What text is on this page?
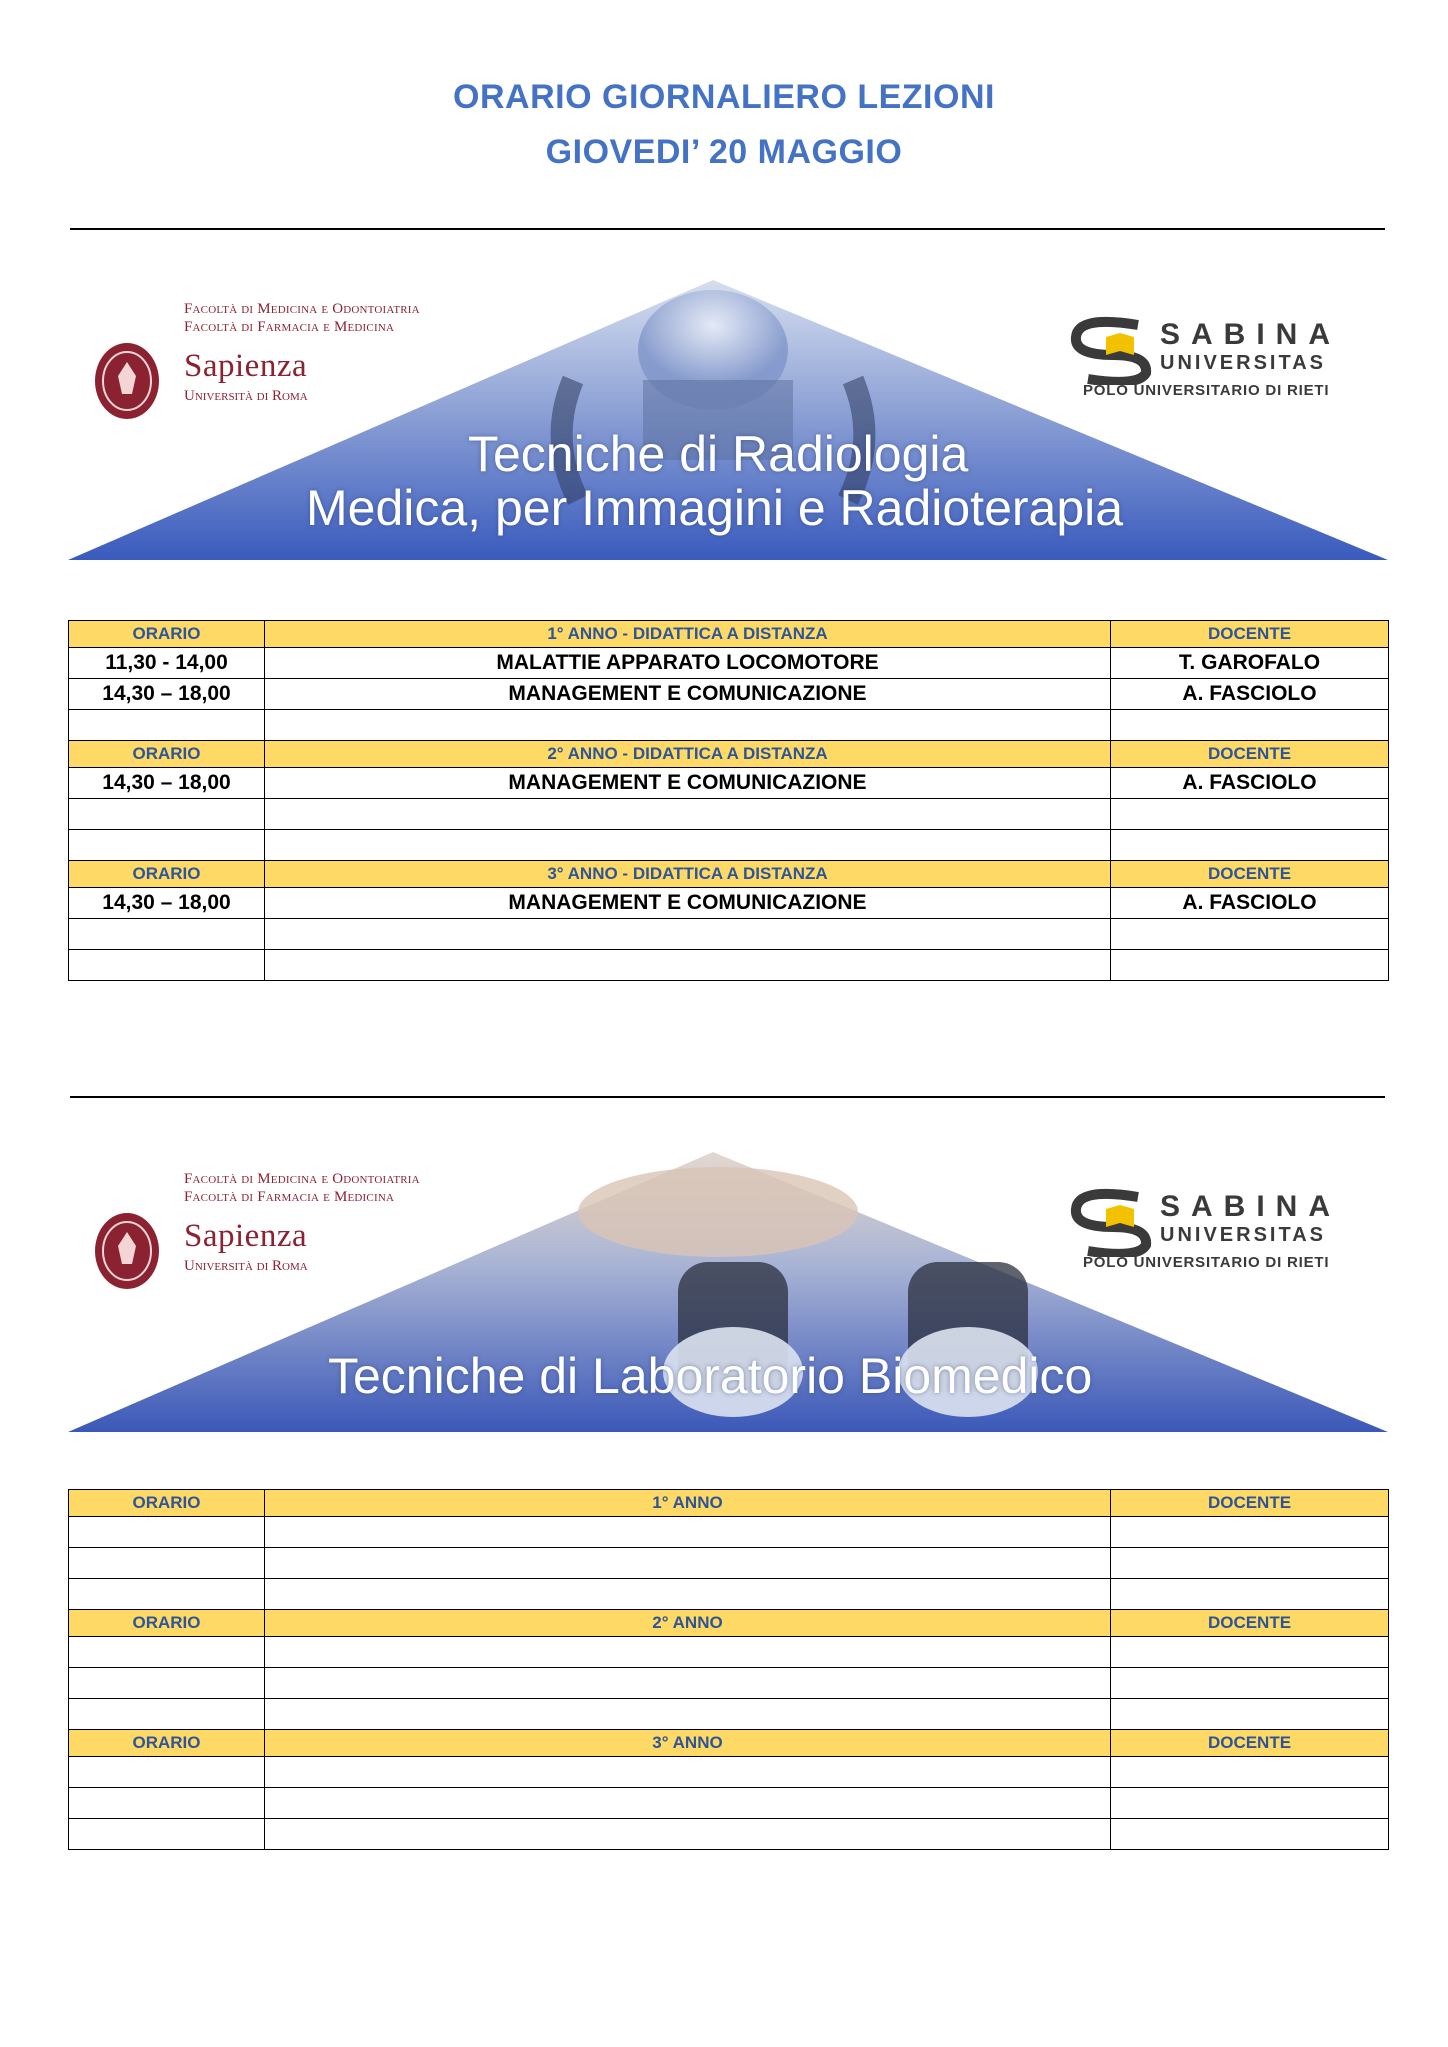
ORARIO GIORNALIERO LEZIONI
GIOVEDI’ 20 MAGGIO
Facoltà di Medicina e Odontoiatria
Facoltà di Farmacia e Medicina
Sapienza
Università di Roma
SABINA
UNIVERSITAS
POLO UNIVERSITARIO DI RIETI
Tecniche di Radiologia
Medica, per Immagini e Radioterapia
ORARIO	1° ANNO - DIDATTICA A DISTANZA	DOCENTE
11,30 - 14,00	MALATTIE APPARATO LOCOMOTORE	T. GAROFALO
14,30 – 18,00	MANAGEMENT E COMUNICAZIONE	A. FASCIOLO

ORARIO	2° ANNO - DIDATTICA A DISTANZA	DOCENTE
14,30 – 18,00	MANAGEMENT E COMUNICAZIONE	A. FASCIOLO

ORARIO	3° ANNO - DIDATTICA A DISTANZA	DOCENTE
14,30 – 18,00	MANAGEMENT E COMUNICAZIONE	A. FASCIOLO

Facoltà di Medicina e Odontoiatria
Facoltà di Farmacia e Medicina
Sapienza
Università di Roma
SABINA
UNIVERSITAS
POLO UNIVERSITARIO DI RIETI
Tecniche di Laboratorio Biomedico
ORARIO	1° ANNO	DOCENTE

ORARIO	2° ANNO	DOCENTE

ORARIO	3° ANNO	DOCENTE
